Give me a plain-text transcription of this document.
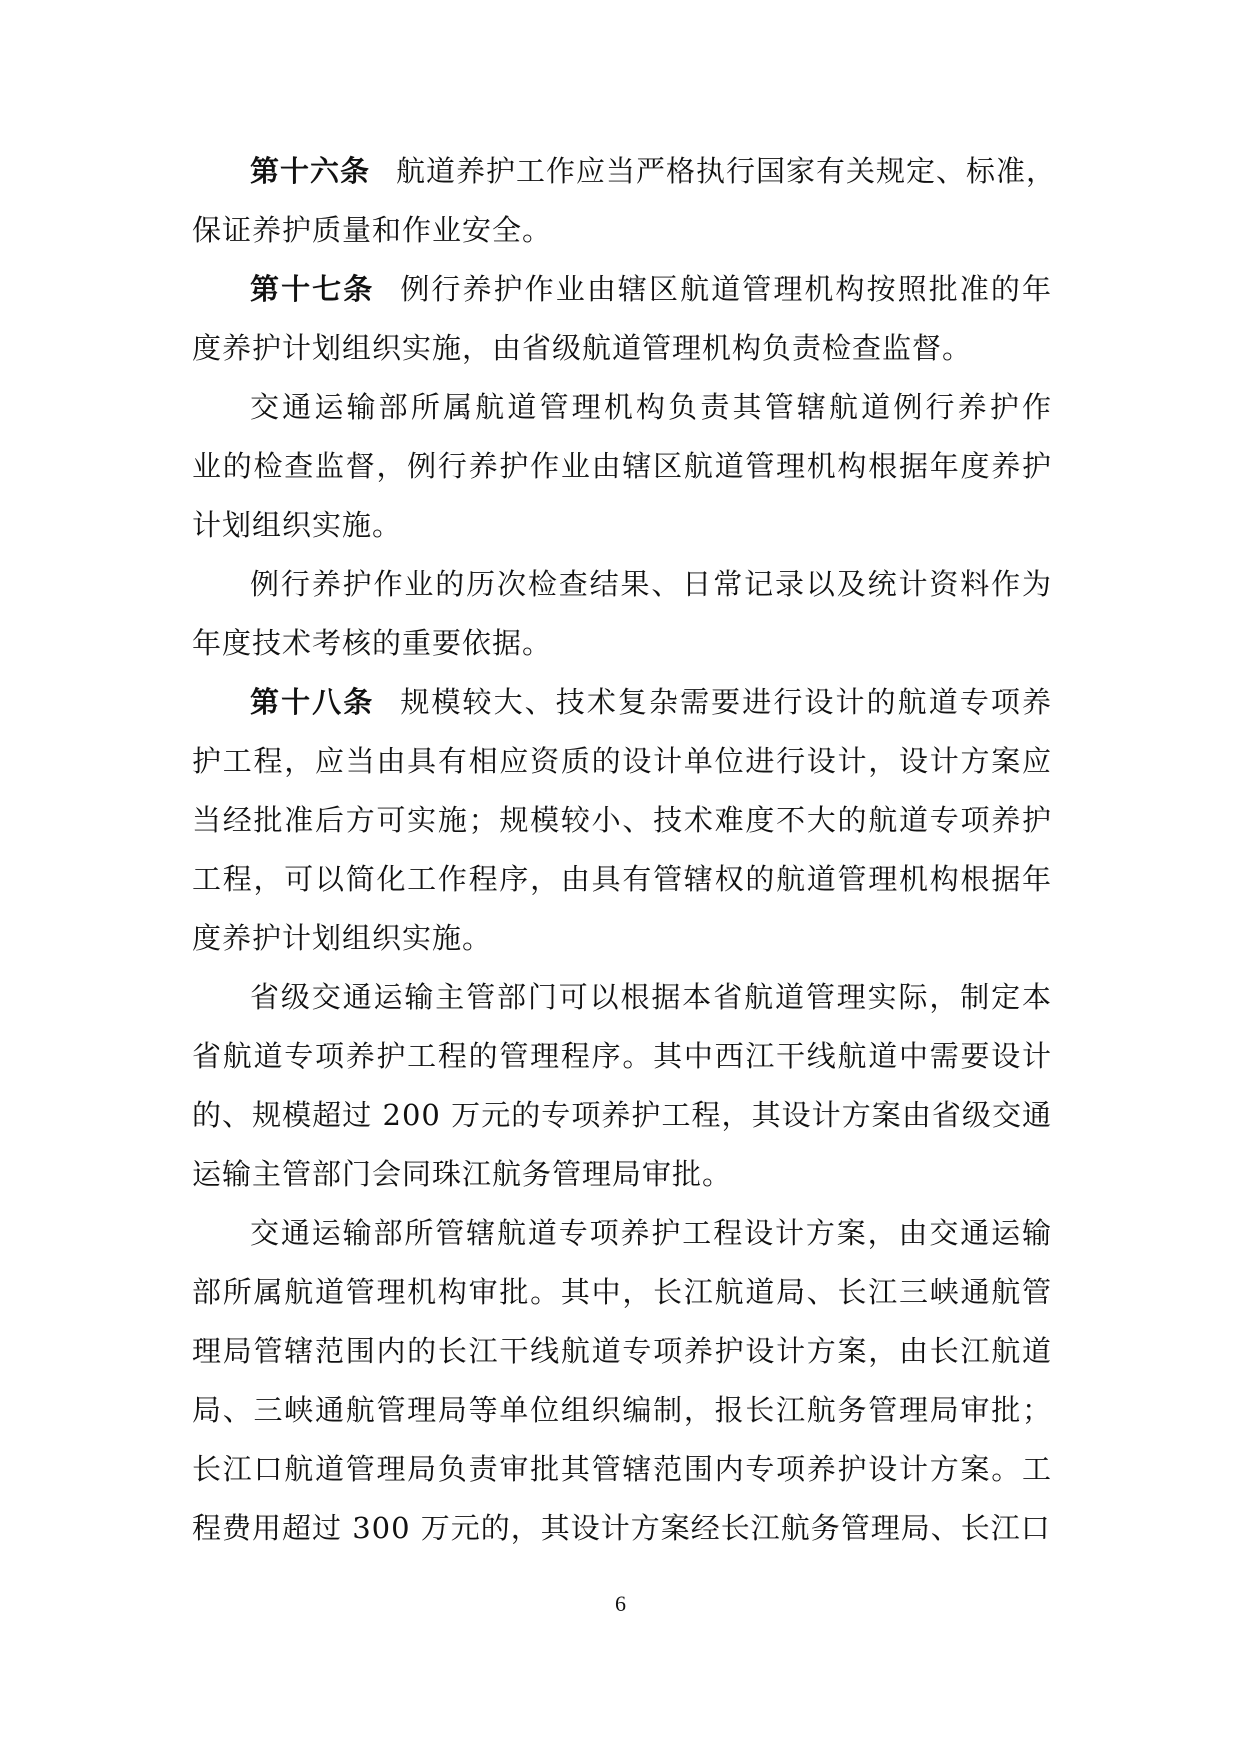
第十六条 航道养护工作应当严格执行国家有关规定、标准，
保证养护质量和作业安全。
第十七条 例行养护作业由辖区航道管理机构按照批准的年
度养护计划组织实施，由省级航道管理机构负责检查监督。
交通运输部所属航道管理机构负责其管辖航道例行养护作
业的检查监督，例行养护作业由辖区航道管理机构根据年度养护
计划组织实施。
例行养护作业的历次检查结果、日常记录以及统计资料作为
年度技术考核的重要依据。
第十八条 规模较大、技术复杂需要进行设计的航道专项养
护工程，应当由具有相应资质的设计单位进行设计，设计方案应
当经批准后方可实施；规模较小、技术难度不大的航道专项养护
工程，可以简化工作程序，由具有管辖权的航道管理机构根据年
度养护计划组织实施。
省级交通运输主管部门可以根据本省航道管理实际，制定本
省航道专项养护工程的管理程序。其中西江干线航道中需要设计
的、规模超过 200 万元的专项养护工程，其设计方案由省级交通
运输主管部门会同珠江航务管理局审批。
交通运输部所管辖航道专项养护工程设计方案，由交通运输
部所属航道管理机构审批。其中，长江航道局、长江三峡通航管
理局管辖范围内的长江干线航道专项养护设计方案，由长江航道
局、三峡通航管理局等单位组织编制，报长江航务管理局审批；
长江口航道管理局负责审批其管辖范围内专项养护设计方案。工
程费用超过 300 万元的，其设计方案经长江航务管理局、长江口
6
